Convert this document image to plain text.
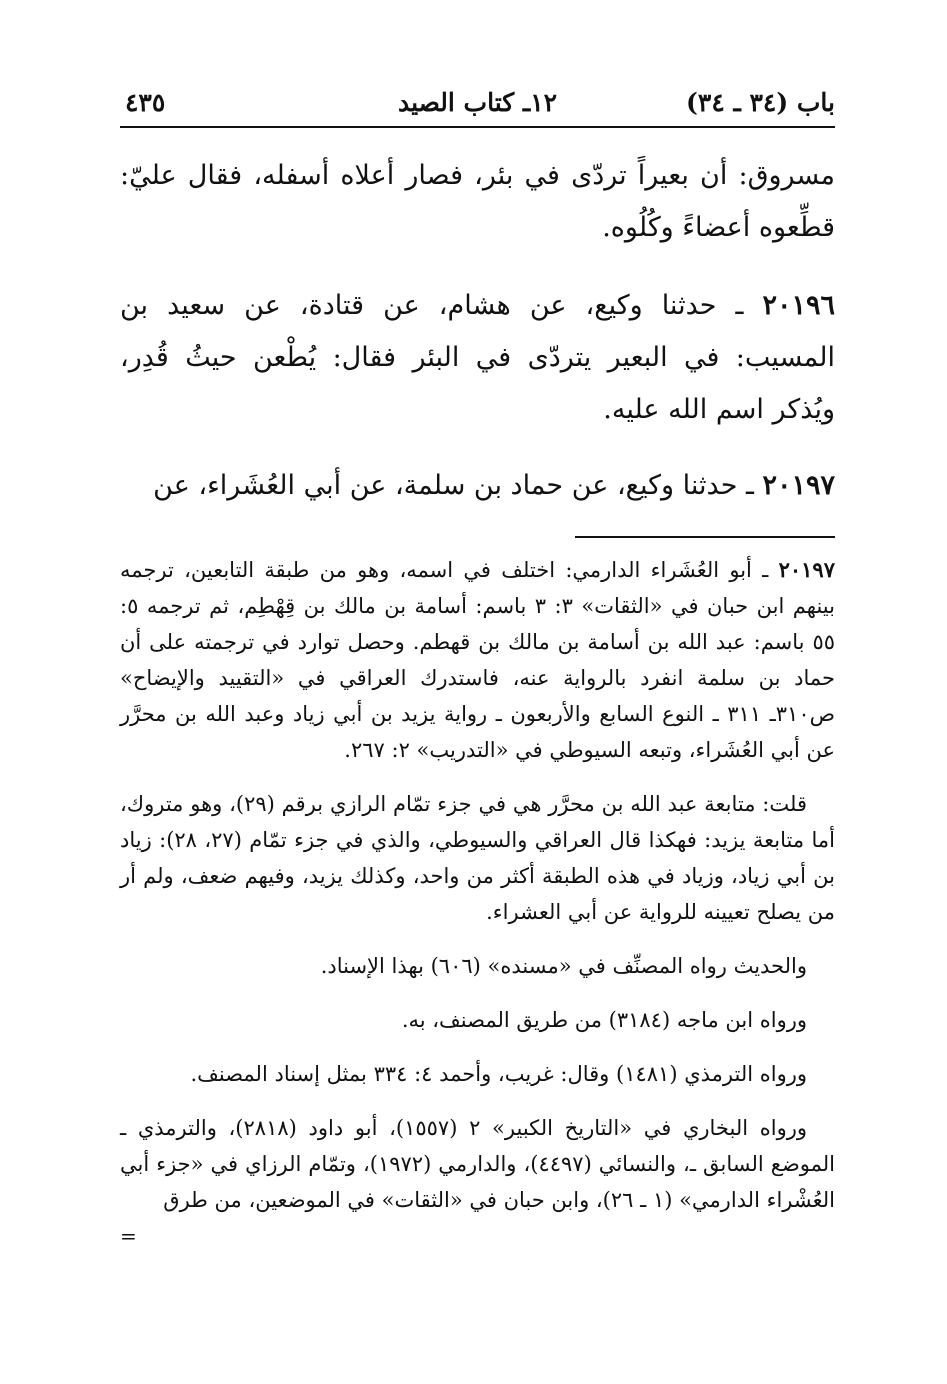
باب (٣٤ ـ ٣٤)
١٢ـ كتاب الصيد
٤٣٥

مسروق: أن بعيراً تردّى في بئر، فصار أعلاه أسفله، فقال عليّ: قطِّعوه أعضاءً وكُلُوه.

٢٠١٩٦ ـ حدثنا وكيع، عن هشام، عن قتادة، عن سعيد بن المسيب: في البعير يتردّى في البئر فقال: يُطْعن حيثُ قُدِر، ويُذكر اسم الله عليه.

٢٠١٩٧ ـ حدثنا وكيع، عن حماد بن سلمة، عن أبي العُشَراء، عن

٢٠١٩٧ ـ أبو العُشَراء الدارمي: اختلف في اسمه، وهو من طبقة التابعين، ترجمه بينهم ابن حبان في «الثقات» ٣: ٣ باسم: أسامة بن مالك بن قِهْطِم، ثم ترجمه ٥: ٥٥ باسم: عبد الله بن أسامة بن مالك بن قهطم. وحصل توارد في ترجمته على أن حماد بن سلمة انفرد بالرواية عنه، فاستدرك العراقي في «التقييد والإيضاح» ص٣١٠ـ ٣١١ ـ النوع السابع والأربعون ـ رواية يزيد بن أبي زياد وعبد الله بن محرَّر عن أبي العُشَراء، وتبعه السيوطي في «التدريب» ٢: ٢٦٧.

قلت: متابعة عبد الله بن محرَّر هي في جزء تمّام الرازي برقم (٢٩)، وهو متروك، أما متابعة يزيد: فهكذا قال العراقي والسيوطي، والذي في جزء تمّام (٢٧، ٢٨): زياد بن أبي زياد، وزياد في هذه الطبقة أكثر من واحد، وكذلك يزيد، وفيهم ضعف، ولم أر من يصلح تعيينه للرواية عن أبي العشراء.

والحديث رواه المصنِّف في «مسنده» (٦٠٦) بهذا الإسناد.

ورواه ابن ماجه (٣١٨٤) من طريق المصنف، به.

ورواه الترمذي (١٤٨١) وقال: غريب، وأحمد ٤: ٣٣٤ بمثل إسناد المصنف.

ورواه البخاري في «التاريخ الكبير» ٢ (١٥٥٧)، أبو داود (٢٨١٨)، والترمذي ـ الموضع السابق ـ، والنسائي (٤٤٩٧)، والدارمي (١٩٧٢)، وتمّام الرزاي في «جزء أبي العُشْراء الدارمي» (١ ـ ٢٦)، وابن حبان في «الثقات» في الموضعين، من طرق

=
